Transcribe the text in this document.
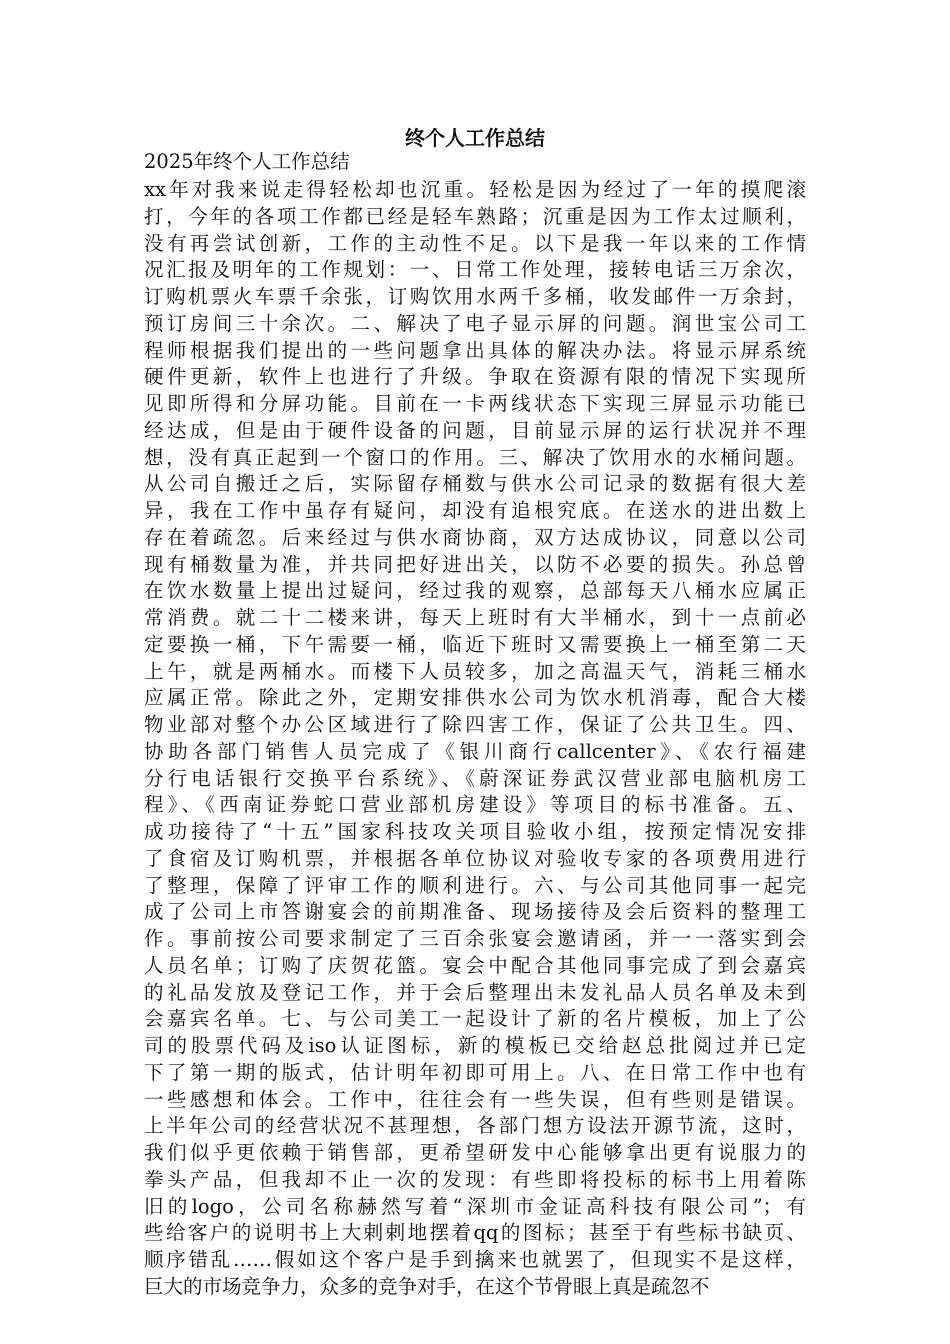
终个人工作总结
2025年终个人工作总结
xx年对我来说走得轻松却也沉重。轻松是因为经过了一年的摸爬滚
打，今年的各项工作都已经是轻车熟路；沉重是因为工作太过顺利，
没有再尝试创新，工作的主动性不足。以下是我一年以来的工作情
况汇报及明年的工作规划：一、日常工作处理，接转电话三万余次，
订购机票火车票千余张，订购饮用水两千多桶，收发邮件一万余封，
预订房间三十余次。二、解决了电子显示屏的问题。润世宝公司工
程师根据我们提出的一些问题拿出具体的解决办法。将显示屏系统
硬件更新，软件上也进行了升级。争取在资源有限的情况下实现所
见即所得和分屏功能。目前在一卡两线状态下实现三屏显示功能已
经达成，但是由于硬件设备的问题，目前显示屏的运行状况并不理
想，没有真正起到一个窗口的作用。三、解决了饮用水的水桶问题。
从公司自搬迁之后，实际留存桶数与供水公司记录的数据有很大差
异，我在工作中虽存有疑问，却没有追根究底。在送水的进出数上
存在着疏忽。后来经过与供水商协商，双方达成协议，同意以公司
现有桶数量为准，并共同把好进出关，以防不必要的损失。孙总曾
在饮水数量上提出过疑问，经过我的观察，总部每天八桶水应属正
常消费。就二十二楼来讲，每天上班时有大半桶水，到十一点前必
定要换一桶，下午需要一桶，临近下班时又需要换上一桶至第二天
上午，就是两桶水。而楼下人员较多，加之高温天气，消耗三桶水
应属正常。除此之外，定期安排供水公司为饮水机消毒，配合大楼
物业部对整个办公区域进行了除四害工作，保证了公共卫生。四、
协助各部门销售人员完成了《银川商行callcenter》、《农行福建
分行电话银行交换平台系统》、《蔚深证券武汉营业部电脑机房工
程》、《西南证券蛇口营业部机房建设》等项目的标书准备。五、
成功接待了“十五”国家科技攻关项目验收小组，按预定情况安排
了食宿及订购机票，并根据各单位协议对验收专家的各项费用进行
了整理，保障了评审工作的顺利进行。六、与公司其他同事一起完
成了公司上市答谢宴会的前期准备、现场接待及会后资料的整理工
作。事前按公司要求制定了三百余张宴会邀请函，并一一落实到会
人员名单；订购了庆贺花篮。宴会中配合其他同事完成了到会嘉宾
的礼品发放及登记工作，并于会后整理出未发礼品人员名单及未到
会嘉宾名单。七、与公司美工一起设计了新的名片模板，加上了公
司的股票代码及iso认证图标，新的模板已交给赵总批阅过并已定
下了第一期的版式，估计明年初即可用上。八、在日常工作中也有
一些感想和体会。工作中，往往会有一些失误，但有些则是错误。
上半年公司的经营状况不甚理想，各部门想方设法开源节流，这时，
我们似乎更依赖于销售部，更希望研发中心能够拿出更有说服力的
拳头产品，但我却不止一次的发现：有些即将投标的标书上用着陈
旧的logo，公司名称赫然写着“深圳市金证高科技有限公司”；有
些给客户的说明书上大剌剌地摆着qq的图标；甚至于有些标书缺页、
顺序错乱……假如这个客户是手到擒来也就罢了，但现实不是这样，
巨大的市场竞争力，众多的竞争对手，在这个节骨眼上真是疏忽不
